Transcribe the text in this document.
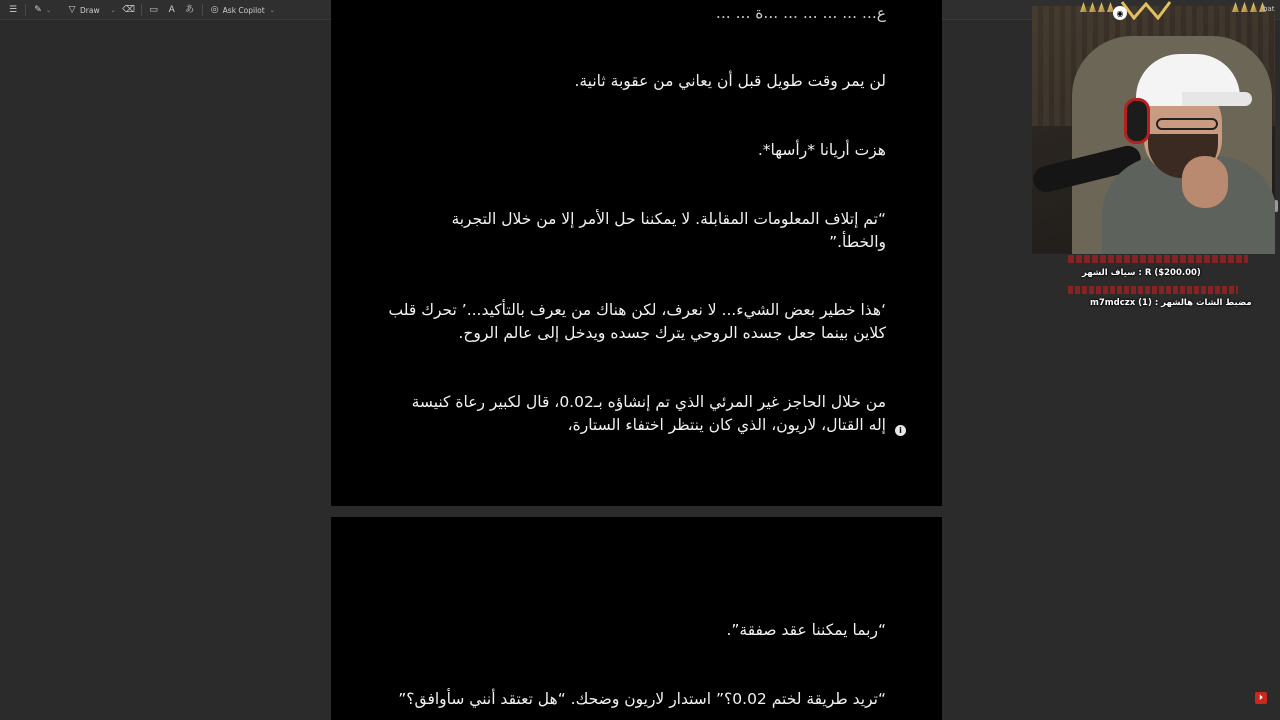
☰ ✎ ⌄ ▽ Draw ⌄ ⌫ ▭ A あ ◎ Ask Copilot ⌄	ع... ... ... ... ... ...ة ... ...
لن يمر وقت طويل قبل أن يعاني من عقوبة ثانية.
هزت أريانا *رأسها*.
“تم إتلاف المعلومات المقابلة. لا يمكننا حل الأمر إلا من خلال التجربة والخطأ.”
‘هذا خطير بعض الشيء... لا نعرف، لكن هناك من يعرف بالتأكيد...’ تحرك قلب كلاين بينما جعل جسده الروحي يترك جسده ويدخل إلى عالم الروح.
من خلال الحاجز غير المرئي الذي تم إنشاؤه بـ0.02، قال لكبير رعاة كنيسة إله القتال، لاريون، الذي كان ينتظر اختفاء الستارة،	i
“ربما يمكننا عقد صفقة”.
“تريد طريقة لختم 0.02؟” استدار لاريون وضحك. “هل تعتقد أنني سأوافق؟”
◉	bat
R ($200.00) : سياف الشهر
مضبط الشات هالشهر : (1) m7mdczx
⏵
